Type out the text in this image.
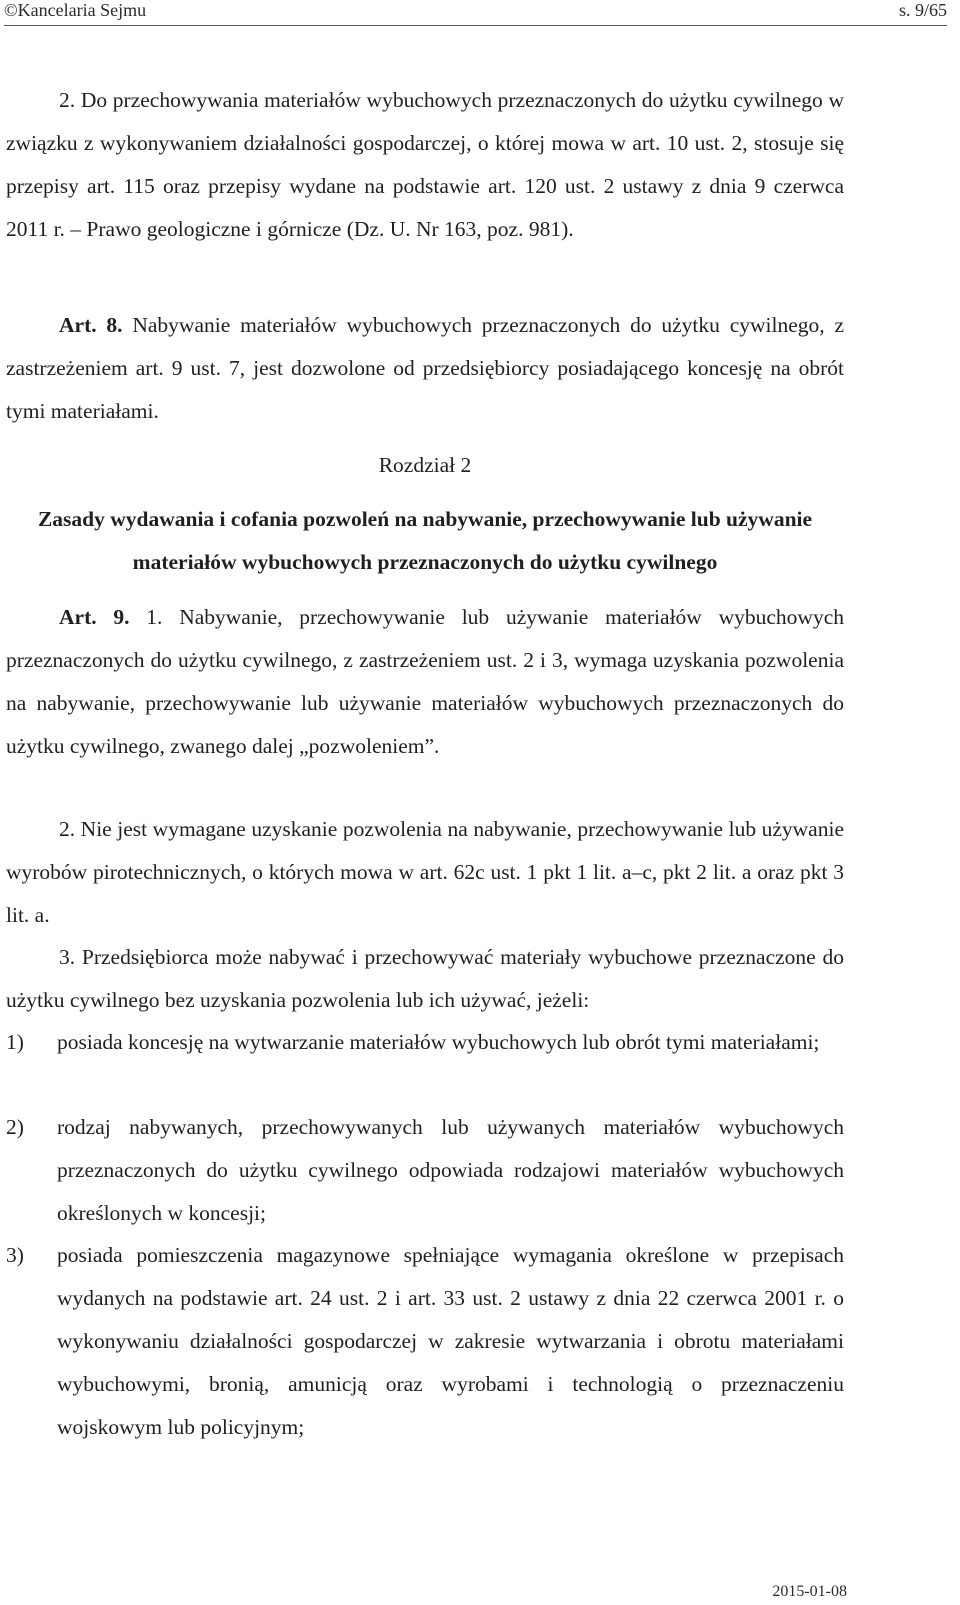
©Kancelaria Sejmu	s. 9/65
2. Do przechowywania materiałów wybuchowych przeznaczonych do użytku cywilnego w związku z wykonywaniem działalności gospodarczej, o której mowa w art. 10 ust. 2, stosuje się przepisy art. 115 oraz przepisy wydane na podstawie art. 120 ust. 2 ustawy z dnia 9 czerwca 2011 r. – Prawo geologiczne i górnicze (Dz. U. Nr 163, poz. 981).
Art. 8. Nabywanie materiałów wybuchowych przeznaczonych do użytku cywilnego, z zastrzeżeniem art. 9 ust. 7, jest dozwolone od przedsiębiorcy posiadającego koncesję na obrót tymi materiałami.
Rozdział 2
Zasady wydawania i cofania pozwoleń na nabywanie, przechowywanie lub używanie materiałów wybuchowych przeznaczonych do użytku cywilnego
Art. 9. 1. Nabywanie, przechowywanie lub używanie materiałów wybuchowych przeznaczonych do użytku cywilnego, z zastrzeżeniem ust. 2 i 3, wymaga uzyskania pozwolenia na nabywanie, przechowywanie lub używanie materiałów wybuchowych przeznaczonych do użytku cywilnego, zwanego dalej „pozwoleniem”.
2. Nie jest wymagane uzyskanie pozwolenia na nabywanie, przechowywanie lub używanie wyrobów pirotechnicznych, o których mowa w art. 62c ust. 1 pkt 1 lit. a–c, pkt 2 lit. a oraz pkt 3 lit. a.
3. Przedsiębiorca może nabywać i przechowywać materiały wybuchowe przeznaczone do użytku cywilnego bez uzyskania pozwolenia lub ich używać, jeżeli:
1) posiada koncesję na wytwarzanie materiałów wybuchowych lub obrót tymi materiałami;
2) rodzaj nabywanych, przechowywanych lub używanych materiałów wybuchowych przeznaczonych do użytku cywilnego odpowiada rodzajowi materiałów wybuchowych określonych w koncesji;
3) posiada pomieszczenia magazynowe spełniające wymagania określone w przepisach wydanych na podstawie art. 24 ust. 2 i art. 33 ust. 2 ustawy z dnia 22 czerwca 2001 r. o wykonywaniu działalności gospodarczej w zakresie wytwarzania i obrotu materiałami wybuchowymi, bronią, amunicją oraz wyrobami i technologią o przeznaczeniu wojskowym lub policyjnym;
2015-01-08
